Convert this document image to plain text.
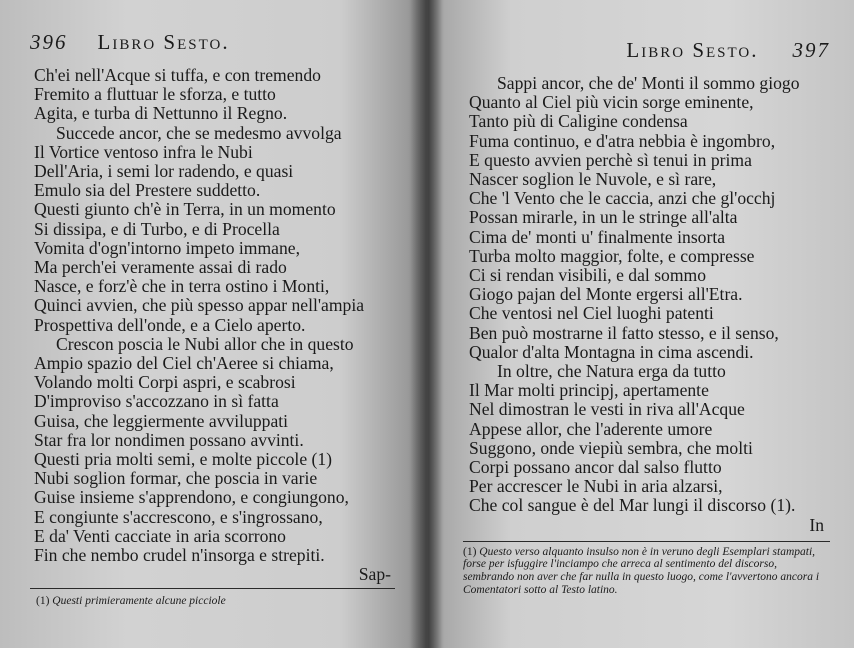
396 Libro Sesto.
Ch'ei nell'Acque si tuffa, e con tremendo
Fremito a fluttuar le sforza, e tutto
Agita, e turba di Nettunno il Regno.
Succede ancor, che se medesmo avvolga
Il Vortice ventoso infra le Nubi
Dell'Aria, i semi lor radendo, e quasi
Emulo sia del Prestere suddetto.
Questi giunto ch'è in Terra, in un momento
Si dissipa, e di Turbo, e di Procella
Vomita d'ogn'intorno impeto immane,
Ma perch'ei veramente assai di rado
Nasce, e forz'è che in terra ostino i Monti,
Quinci avvien, che più spesso appar nell'ampia
Prospettiva dell'onde, e a Cielo aperto.
Crescon poscia le Nubi allor che in questo
Ampio spazio del Ciel ch'Aeree si chiama,
Volando molti Corpi aspri, e scabrosi
D'improviso s'accozzano in sì fatta
Guisa, che leggiermente avviluppati
Star fra lor nondimen possano avvinti.
Questi pria molti semi, e molte piccole (1)
Nubi soglion formar, che poscia in varie
Guise insieme s'apprendono, e congiungono,
E congiunte s'accrescono, e s'ingrossano,
E da' Venti cacciate in aria scorrono
Fin che nembo crudel n'insorga e strepiti.
Sap-

(1) Questi primieramente alcune picciole

Libro Sesto. 397
Sappi ancor, che de' Monti il sommo giogo
Quanto al Ciel più vicin sorge eminente,
Tanto più di Caligine condensa
Fuma continuo, e d'atra nebbia è ingombro,
E questo avvien perchè sì tenui in prima
Nascer soglion le Nuvole, e sì rare,
Che 'l Vento che le caccia, anzi che gl'occhj
Possan mirarle, in un le stringe all'alta
Cima de' monti u' finalmente insorta
Turba molto maggior, folte, e compresse
Ci si rendan visibili, e dal sommo
Giogo pajan del Monte ergersi all'Etra.
Che ventosi nel Ciel luoghi patenti
Ben può mostrarne il fatto stesso, e il senso,
Qualor d'alta Montagna in cima ascendi.
In oltre, che Natura erga da tutto
Il Mar molti principj, apertamente
Nel dimostran le vesti in riva all'Acque
Appese allor, che l'aderente umore
Suggono, onde viepiù sembra, che molti
Corpi possano ancor dal salso flutto
Per accrescer le Nubi in aria alzarsi,
Che col sangue è del Mar lungi il discorso (1).
In

(1) Questo verso alquanto insulso non è in veruno degli Esemplari stampati, forse per isfuggire l'inciampo che arreca al sentimento del discorso, sembrando non aver che far nulla in questo luogo, come l'avvertono ancora i Comentatori sotto al Testo latino.
